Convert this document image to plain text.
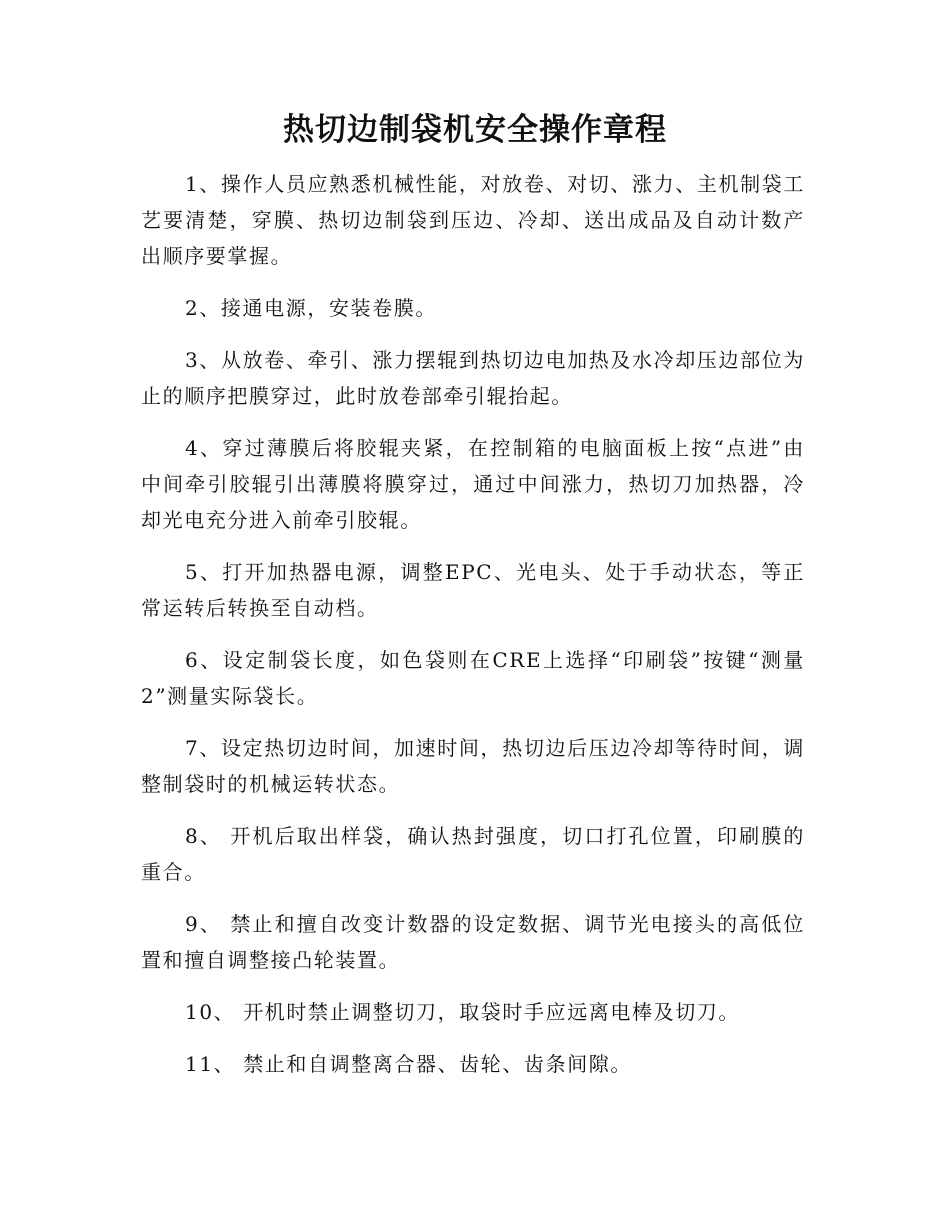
热切边制袋机安全操作章程

1、操作人员应熟悉机械性能，对放卷、对切、涨力、主机制袋工艺要清楚，穿膜、热切边制袋到压边、冷却、送出成品及自动计数产出顺序要掌握。

2、接通电源，安装卷膜。

3、从放卷、牵引、涨力摆辊到热切边电加热及水冷却压边部位为止的顺序把膜穿过，此时放卷部牵引辊抬起。

4、穿过薄膜后将胶辊夹紧，在控制箱的电脑面板上按“点进”由中间牵引胶辊引出薄膜将膜穿过，通过中间涨力，热切刀加热器，冷却光电充分进入前牵引胶辊。

5、打开加热器电源，调整EPC、光电头、处于手动状态，等正常运转后转换至自动档。

6、设定制袋长度，如色袋则在CRE上选择“印刷袋”按键“测量2”测量实际袋长。

7、设定热切边时间，加速时间，热切边后压边冷却等待时间，调整制袋时的机械运转状态。

8、 开机后取出样袋，确认热封强度，切口打孔位置，印刷膜的重合。

9、 禁止和擅自改变计数器的设定数据、调节光电接头的高低位置和擅自调整接凸轮装置。

10、 开机时禁止调整切刀，取袋时手应远离电棒及切刀。

11、 禁止和自调整离合器、齿轮、齿条间隙。
